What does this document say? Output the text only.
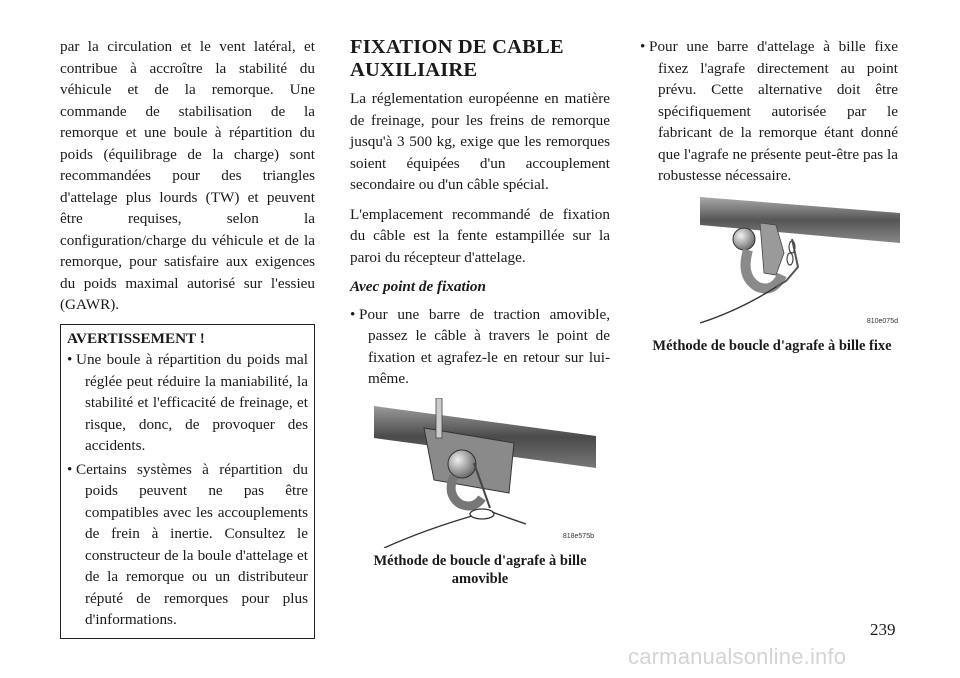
par la circulation et le vent latéral, et contribue à accroître la stabilité du véhicule et de la remorque. Une commande de stabilisation de la remorque et une boule à répartition du poids (équilibrage de la charge) sont recommandées pour des triangles d'attelage plus lourds (TW) et peuvent être requises, selon la configuration/charge du véhicule et de la remorque, pour satisfaire aux exigences du poids maximal autorisé sur l'essieu (GAWR).

AVERTISSEMENT !

• Une boule à répartition du poids mal réglée peut réduire la maniabilité, la stabilité et l'efficacité de freinage, et risque, donc, de provoquer des accidents.
• Certains systèmes à répartition du poids peuvent ne pas être compatibles avec les accouplements de frein à inertie. Consultez le constructeur de la boule d'attelage et de la remorque ou un distributeur réputé de remorques pour plus d'informations.
FIXATION DE CABLE AUXILIAIRE

La réglementation européenne en matière de freinage, pour les freins de remorque jusqu'à 3 500 kg, exige que les remorques soient équipées d'un accouplement secondaire ou d'un câble spécial.

L'emplacement recommandé de fixation du câble est la fente estampillée sur la paroi du récepteur d'attelage.

Avec point de fixation

• Pour une barre de traction amovible, passez le câble à travers le point de fixation et agrafez-le en retour sur lui-même.
818e575b

Méthode de boucle d'agrafe à bille amovible

• Pour une barre d'attelage à bille fixe fixez l'agrafe directement au point prévu. Cette alternative doit être spécifiquement autorisée par le fabricant de la remorque étant donné que l'agrafe ne présente peut-être pas la robustesse nécessaire.
810e075d

Méthode de boucle d'agrafe à bille fixe

239
carmanualsonline.info
